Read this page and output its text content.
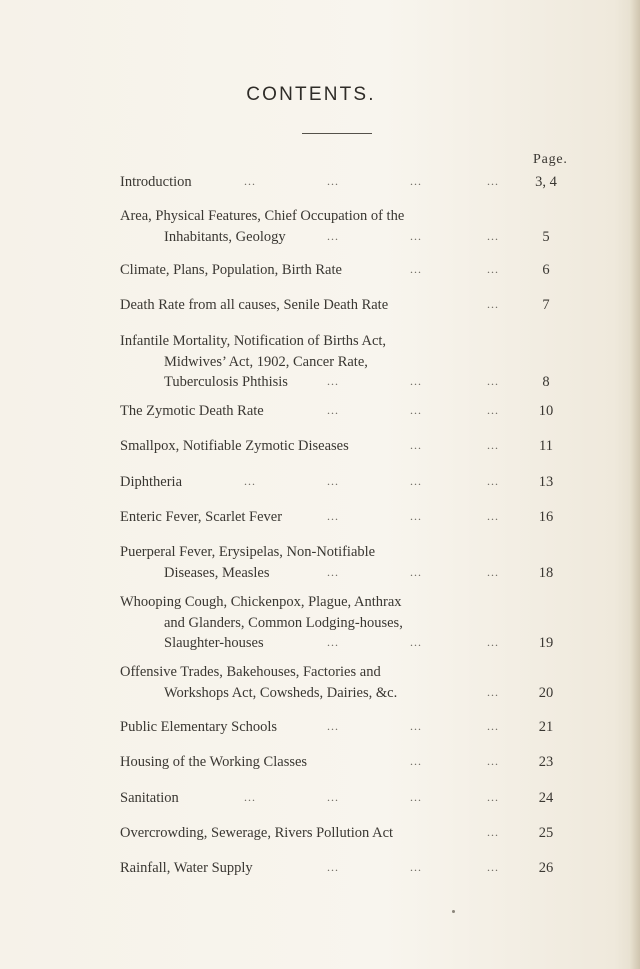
CONTENTS.
Page.
Introduction	...	...	...	...	3, 4
Area, Physical Features, Chief Occupation of the
Inhabitants, Geology	...	...	...	5
Climate, Plans, Population, Birth Rate	...	...	6
Death Rate from all causes, Senile Death Rate	...	7
Infantile Mortality, Notification of Births Act,
Midwives’ Act, 1902, Cancer Rate,
Tuberculosis Phthisis	...	...	...	8
The Zymotic Death Rate	...	...	...	10
Smallpox, Notifiable Zymotic Diseases	...	...	11
Diphtheria	...	...	...	...	13
Enteric Fever, Scarlet Fever	...	...	...	16
Puerperal Fever, Erysipelas, Non-Notifiable
Diseases, Measles	...	...	...	18
Whooping Cough, Chickenpox, Plague, Anthrax
and Glanders, Common Lodging-houses,
Slaughter-houses	...	...	...	19
Offensive Trades, Bakehouses, Factories and
Workshops Act, Cowsheds, Dairies, &c.	...	20
Public Elementary Schools	...	...	...	21
Housing of the Working Classes	...	...	23
Sanitation	...	...	...	...	24
Overcrowding, Sewerage, Rivers Pollution Act	...	25
Rainfall, Water Supply	...	...	...	26
